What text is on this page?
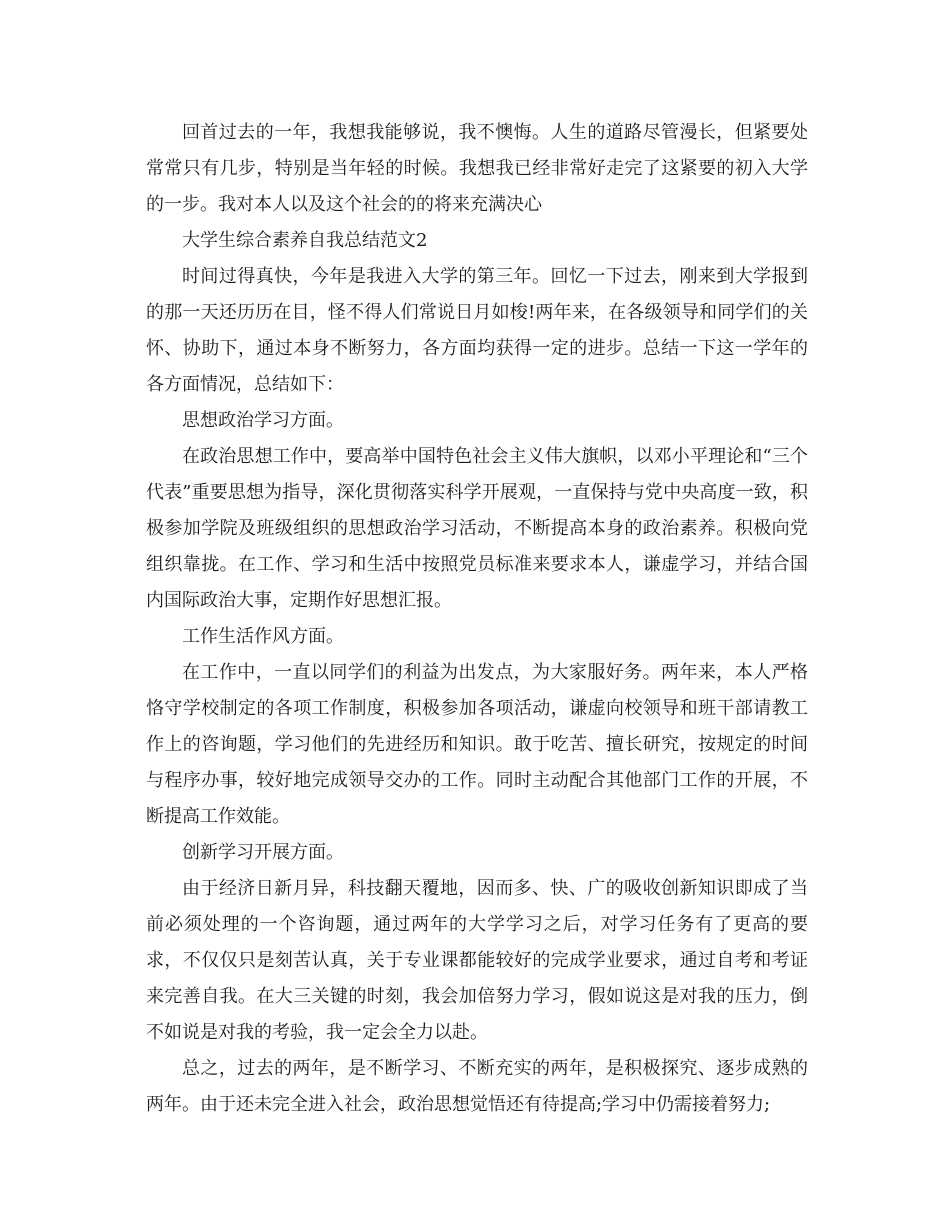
回首过去的一年，我想我能够说，我不懊悔。人生的道路尽管漫长，但紧要处常常只有几步，特别是当年轻的时候。我想我已经非常好走完了这紧要的初入大学的一步。我对本人以及这个社会的的将来充满决心

大学生综合素养自我总结范文2

时间过得真快，今年是我进入大学的第三年。回忆一下过去，刚来到大学报到的那一天还历历在目，怪不得人们常说日月如梭!两年来，在各级领导和同学们的关怀、协助下，通过本身不断努力，各方面均获得一定的进步。总结一下这一学年的各方面情况，总结如下：

思想政治学习方面。

在政治思想工作中，要高举中国特色社会主义伟大旗帜，以邓小平理论和“三个代表”重要思想为指导，深化贯彻落实科学开展观，一直保持与党中央高度一致，积极参加学院及班级组织的思想政治学习活动，不断提高本身的政治素养。积极向党组织靠拢。在工作、学习和生活中按照党员标准来要求本人，谦虚学习，并结合国内国际政治大事，定期作好思想汇报。

工作生活作风方面。

在工作中，一直以同学们的利益为出发点，为大家服好务。两年来，本人严格恪守学校制定的各项工作制度，积极参加各项活动，谦虚向校领导和班干部请教工作上的咨询题，学习他们的先进经历和知识。敢于吃苦、擅长研究，按规定的时间与程序办事，较好地完成领导交办的工作。同时主动配合其他部门工作的开展，不断提高工作效能。

创新学习开展方面。

由于经济日新月异，科技翻天覆地，因而多、快、广的吸收创新知识即成了当前必须处理的一个咨询题，通过两年的大学学习之后，对学习任务有了更高的要求，不仅仅只是刻苦认真，关于专业课都能较好的完成学业要求，通过自考和考证来完善自我。在大三关键的时刻，我会加倍努力学习，假如说这是对我的压力，倒不如说是对我的考验，我一定会全力以赴。

总之，过去的两年，是不断学习、不断充实的两年，是积极探究、逐步成熟的两年。由于还未完全进入社会，政治思想觉悟还有待提高;学习中仍需接着努力;
